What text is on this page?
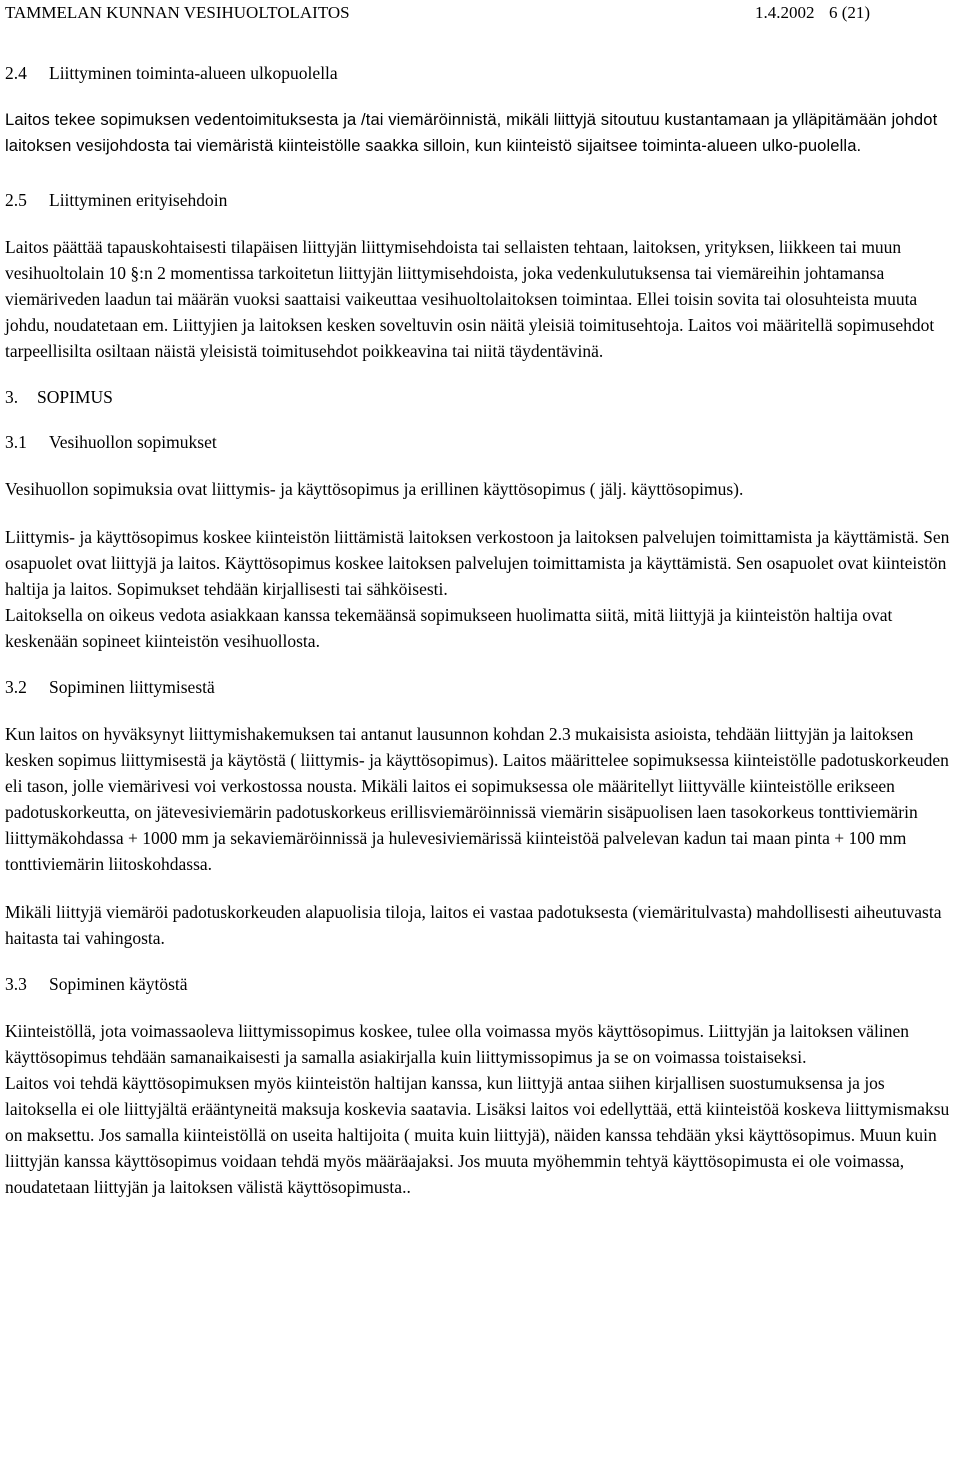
TAMMELAN KUNNAN VESIHUOLTOLAITOS	1.4.2002 6 (21)

2.4 Liittyminen toiminta-alueen ulkopuolella

Laitos tekee sopimuksen vedentoimituksesta ja /tai viemäröinnistä, mikäli liittyjä sitoutuu kustantamaan ja ylläpitämään johdot laitoksen vesijohdosta tai viemäristä kiinteistölle saakka silloin, kun kiinteistö sijaitsee toiminta-alueen ulko-puolella.

2.5 Liittyminen erityisehdoin

Laitos päättää tapauskohtaisesti tilapäisen liittyjän liittymisehdoista tai sellaisten tehtaan, laitoksen, yrityksen, liikkeen tai muun vesihuoltolain 10 §:n 2 momentissa tarkoitetun liittyjän liittymisehdoista, joka vedenkulutuksensa tai viemäreihin johtamansa viemäriveden laadun tai määrän vuoksi saattaisi vaikeuttaa vesihuoltolaitoksen toimintaa. Ellei toisin sovita tai olosuhteista muuta johdu, noudatetaan em. Liittyjien ja laitoksen kesken soveltuvin osin näitä yleisiä toimitusehtoja. Laitos voi määritellä sopimusehdot tarpeellisilta osiltaan näistä yleisistä toimitusehdot poikkeavina tai niitä täydentävinä.

3. SOPIMUS

3.1 Vesihuollon sopimukset

Vesihuollon sopimuksia ovat liittymis- ja käyttösopimus ja erillinen käyttösopimus ( jälj. käyttösopimus).

Liittymis- ja käyttösopimus koskee kiinteistön liittämistä laitoksen verkostoon ja laitoksen palvelujen toimittamista ja käyttämistä. Sen osapuolet ovat liittyjä ja laitos. Käyttösopimus koskee laitoksen palvelujen toimittamista ja käyttämistä. Sen osapuolet ovat kiinteistön haltija ja laitos. Sopimukset tehdään kirjallisesti tai sähköisesti.

Laitoksella on oikeus vedota asiakkaan kanssa tekemäänsä sopimukseen huolimatta siitä, mitä liittyjä ja kiinteistön haltija ovat keskenään sopineet kiinteistön vesihuollosta.

3.2 Sopiminen liittymisestä

Kun laitos on hyväksynyt liittymishakemuksen tai antanut lausunnon kohdan 2.3 mukaisista asioista, tehdään liittyjän ja laitoksen kesken sopimus liittymisestä ja käytöstä ( liittymis- ja käyttösopimus). Laitos määrittelee sopimuksessa kiinteistölle padotuskorkeuden eli tason, jolle viemärivesi voi verkostossa nousta. Mikäli laitos ei sopimuksessa ole määritellyt liittyvälle kiinteistölle erikseen padotuskorkeutta, on jätevesiviemärin padotuskorkeus erillisviemäröinnissä viemärin sisäpuolisen laen tasokorkeus tonttiviemärin liittymäkohdassa + 1000 mm ja sekaviemäröinnissä ja hulevesiviemärissä kiinteistöä palvelevan kadun tai maan pinta + 100 mm tonttiviemärin liitoskohdassa.

Mikäli liittyjä viemäröi padotuskorkeuden alapuolisia tiloja, laitos ei vastaa padotuksesta (viemäritulvasta) mahdollisesti aiheutuvasta haitasta tai vahingosta.

3.3 Sopiminen käytöstä

Kiinteistöllä, jota voimassaoleva liittymissopimus koskee, tulee olla voimassa myös käyttösopimus. Liittyjän ja laitoksen välinen käyttösopimus tehdään samanaikaisesti ja samalla asiakirjalla kuin liittymissopimus ja se on voimassa toistaiseksi.

Laitos voi tehdä käyttösopimuksen myös kiinteistön haltijan kanssa, kun liittyjä antaa siihen kirjallisen suostumuksensa ja jos laitoksella ei ole liittyjältä erääntyneitä maksuja koskevia saatavia. Lisäksi laitos voi edellyttää, että kiinteistöä koskeva liittymismaksu on maksettu. Jos samalla kiinteistöllä on useita haltijoita ( muita kuin liittyjä), näiden kanssa tehdään yksi käyttösopimus. Muun kuin liittyjän kanssa käyttösopimus voidaan tehdä myös määräajaksi. Jos muuta myöhemmin tehtyä käyttösopimusta ei ole voimassa, noudatetaan liittyjän ja laitoksen välistä käyttösopimusta..
